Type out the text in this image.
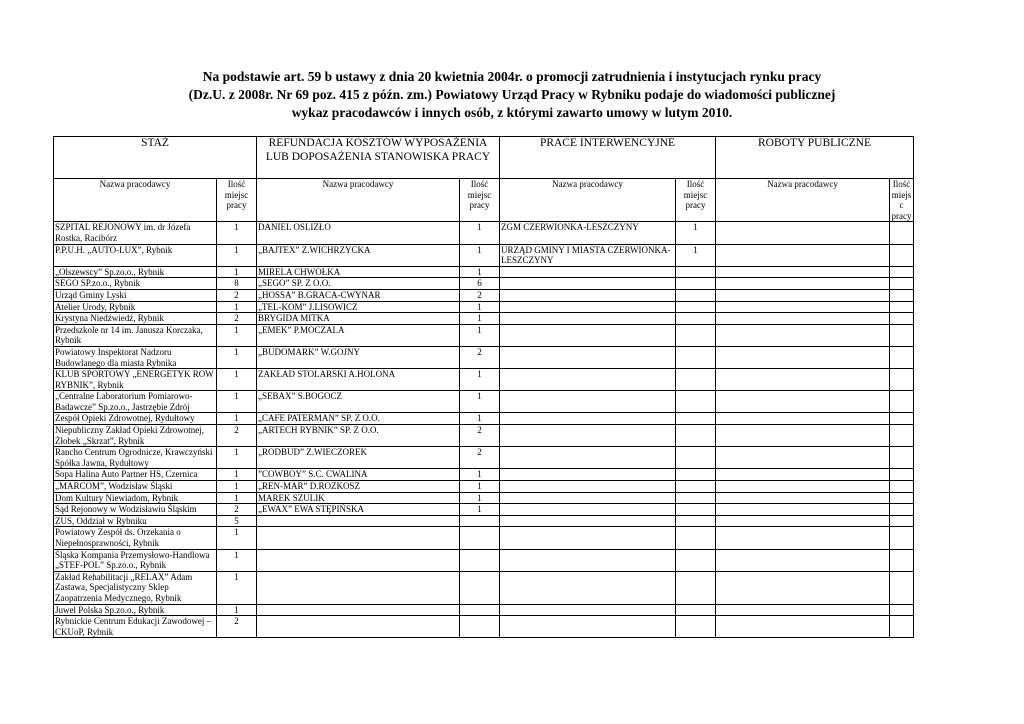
Na podstawie art. 59 b ustawy z dnia 20 kwietnia 2004r. o promocji zatrudnienia i instytucjach rynku pracy
(Dz.U. z 2008r. Nr 69 poz. 415 z późn. zm.) Powiatowy Urząd Pracy w Rybniku podaje do wiadomości publicznej
wykaz pracodawców i innych osób, z którymi zawarto umowy w lutym 2010.
STAŻ		REFUNDACJA KOSZTÓW WYPOSAŻENIA LUB DOPOSAŻENIA STANOWISKA PRACY		PRACE INTERWENCYJNE		ROBOTY PUBLICZNE	
Nazwa pracodawcy	Ilość miejsc pracy	Nazwa pracodawcy	Ilość miejsc pracy	Nazwa pracodawcy	Ilość miejsc pracy	Nazwa pracodawcy	Ilość miejsc pracy
SZPITAL REJONOWY im. dr Józefa Rostka, Racibórz	1	DANIEL OSLIZŁO	1	ZGM CZERWIONKA-LESZCZYNY	1		
P.P.U.H. „AUTO-LUX”, Rybnik	1	„BAJTEX” Z.WICHRZYCKA	1	URZĄD GMINY I MIASTA CZERWIONKA-LESZCZYNY	1		
„Olszewscy” Sp.zo.o., Rybnik	1	MIRELA CHWOŁKA	1				
SEGO SP.zo.o., Rybnik	8	„SEGO” SP. Z O.O.	6				
Urząd Gminy Lyski	2	„HOSSA” B.GRACA-CWYNAR	2				
Atelier Urody, Rybnik	1	„TEL-KOM” J.LISOWICZ	1				
Krystyna Niedźwiedź, Rybnik	2	BRYGIDA MITKA	1				
Przedszkole nr 14 im. Janusza Korczaka, Rybnik	1	„EMEK” P.MOCZALA	1				
Powiatowy Inspektorat Nadzoru Budowlanego dla miasta Rybnika	1	„BUDOMARK” W.GOJNY	2				
KLUB SPORTOWY „ENERGETYK ROW RYBNIK”, Rybnik	1	ZAKŁAD STOLARSKI A.HOLONA	1				
„Centralne Laboratorium Pomiarowo-Badawcze” Sp.zo.o., Jastrzębie Zdrój	1	„SEBAX” S.BOGOCZ	1				
Zespół Opieki Zdrowotnej, Rydułtowy	1	„CAFE PATERMAN” SP. Z O.O.	1				
Niepubliczny Zakład Opieki Zdrowotnej, Żłobek „Skrzat”, Rybnik	2	„ARTECH RYBNIK” SP. Z O.O.	2				
Rancho Centrum Ogrodnicze, Krawczyński Spółka Jawna, Rydułtowy	1	„RODBUD” Z.WIECZOREK	2				
Sopa Halina Auto Partner HS, Czernica	1	”COWBOY” S.C. CWALINA	1				
„MARCOM”, Wodzisław Śląski	1	„REN-MAR” D.ROZKOSZ	1				
Dom Kultury Niewiadom, Rybnik	1	MAREK SZULIK	1				
Sąd Rejonowy w Wodzisławiu Śląskim	2	„EWAX” EWA STĘPIŃSKA	1				
ZUS, Oddział w Rybniku	5						
Powiatowy Zespół ds. Orzekania o Niepełnosprawności, Rybnik	1						
Śląska Kompania Przemysłowo-Handlowa „STEF-POL” Sp.zo.o., Rybnik	1						
Zakład Rehabilitacji „RELAX” Adam Zastawa, Specjalistyczny Sklep Zaopatrzenia Medycznego, Rybnik	1						
Juwel Polska Sp.zo.o., Rybnik	1						
Rybnickie Centrum Edukacji Zawodowej – CKUoP, Rybnik	2						
